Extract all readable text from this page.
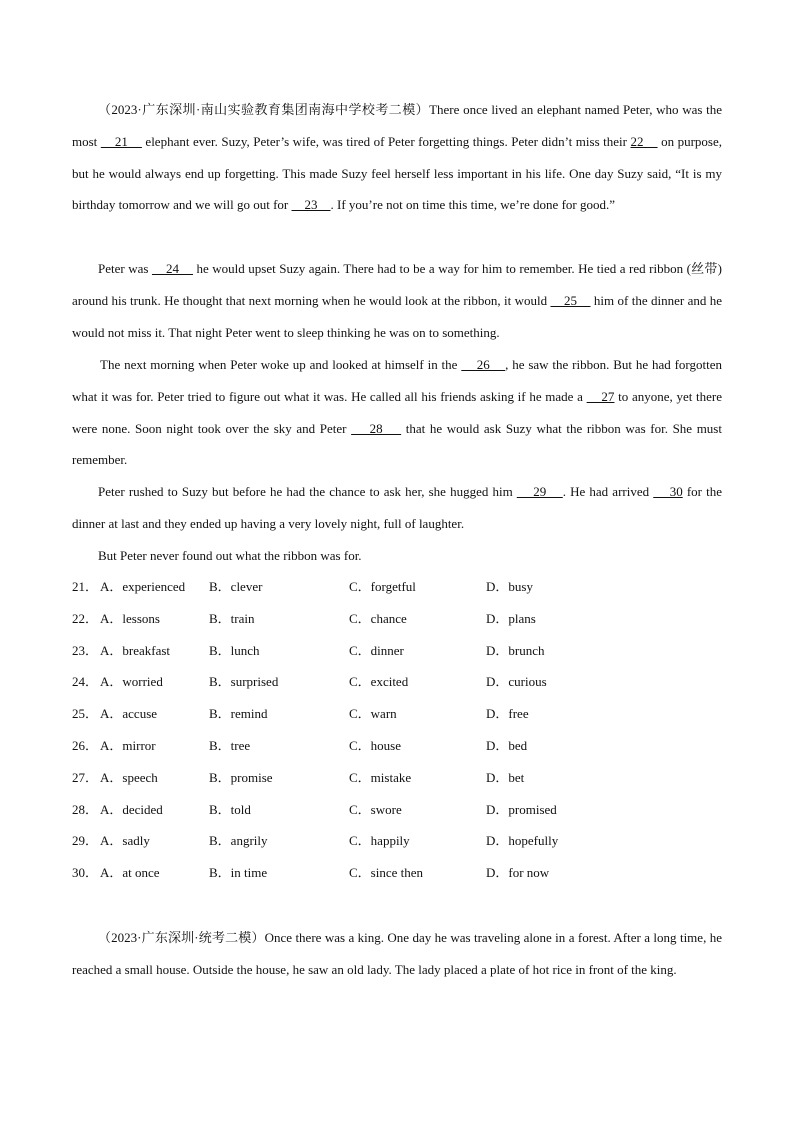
（2023·广东深圳·南山实验教育集团南海中学校考二模）There once lived an elephant named Peter, who was the most     21     elephant ever. Suzy, Peter’s wife, was tired of Peter forgetting things. Peter didn’t miss their 22     on purpose, but he would always end up forgetting. This made Suzy feel herself less important in his life. One day Suzy said, “It is my birthday tomorrow and we will go out for     23    . If you’re not on time this time, we’re done for good.”

Peter was     24     he would upset Suzy again. There had to be a way for him to remember. He tied a red ribbon (丝带) around his trunk. He thought that next morning when he would look at the ribbon, it would     25     him of the dinner and he would not miss it. That night Peter went to sleep thinking he was on to something.

The next morning when Peter woke up and looked at himself in the     26    , he saw the ribbon. But he had forgotten what it was for. Peter tried to figure out what it was. He called all his friends asking if he made a     27 to anyone, yet there were none. Soon night took over the sky and Peter     28     that he would ask Suzy what the ribbon was for. She must remember.

Peter rushed to Suzy but before he had the chance to ask her, she hugged him     29    . He had arrived     30 for the dinner at last and they ended up having a very lovely night, full of laughter.

But Peter never found out what the ribbon was for.

21． A．experienced B．clever	C．forgetful	D．busy
22． A．lessons	B．train	C．chance	D．plans
23． A．breakfast	B．lunch	C．dinner	D．brunch
24． A．worried	B．surprised	C．excited	D．curious
25． A．accuse	B．remind	C．warn	D．free
26． A．mirror	B．tree	C．house	D．bed
27． A．speech	B．promise	C．mistake	D．bet
28． A．decided	B．told	C．swore	D．promised
29． A．sadly	B．angrily	C．happily	D．hopefully
30． A．at once	B．in time	C．since then	D．for now

（2023·广东深圳·统考二模）Once there was a king. One day he was traveling alone in a forest. After a long time, he reached a small house. Outside the house, he saw an old lady. The lady placed a plate of hot rice in front of the king.
